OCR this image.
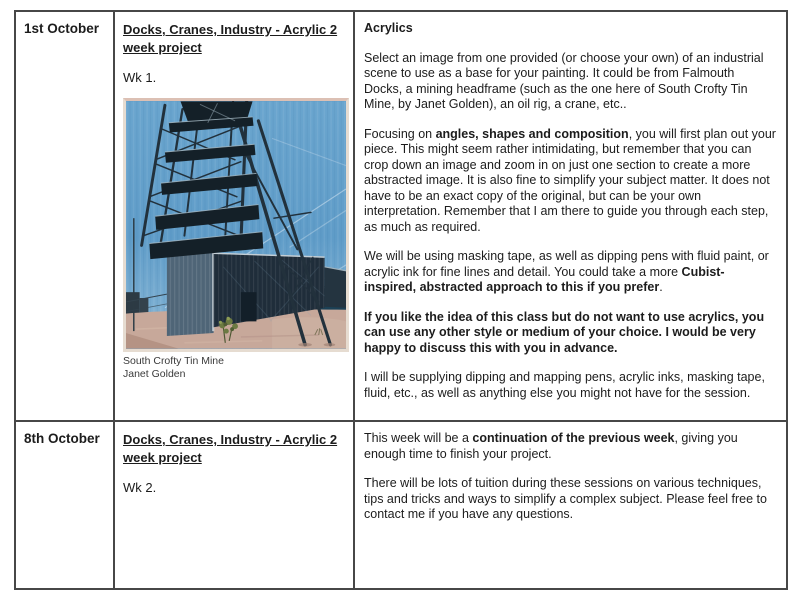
1st October	Docks, Cranes, Industry - Acrylic 2 week project
Wk 1.
South Crofty Tin Mine
Janet Golden

Acrylics

Select an image from one provided (or choose your own) of an industrial scene to use as a base for your painting. It could be from Falmouth Docks, a mining headframe (such as the one here of South Crofty Tin Mine, by Janet Golden), an oil rig, a crane, etc..

Focusing on angles, shapes and composition, you will first plan out your piece. This might seem rather intimidating, but remember that you can crop down an image and zoom in on just one section to create a more abstracted image. It is also fine to simplify your subject matter. It does not have to be an exact copy of the original, but can be your own interpretation. Remember that I am there to guide you through each step, as much as required.

We will be using masking tape, as well as dipping pens with fluid paint, or acrylic ink for fine lines and detail. You could take a more Cubist-inspired, abstracted approach to this if you prefer.

If you like the idea of this class but do not want to use acrylics, you can use any other style or medium of your choice. I would be very happy to discuss this with you in advance.

I will be supplying dipping and mapping pens, acrylic inks, masking tape, fluid, etc., as well as anything else you might not have for the session.

8th October	Docks, Cranes, Industry - Acrylic 2 week project
Wk 2.

This week will be a continuation of the previous week, giving you enough time to finish your project.

There will be lots of tuition during these sessions on various techniques, tips and tricks and ways to simplify a complex subject. Please feel free to contact me if you have any questions.
